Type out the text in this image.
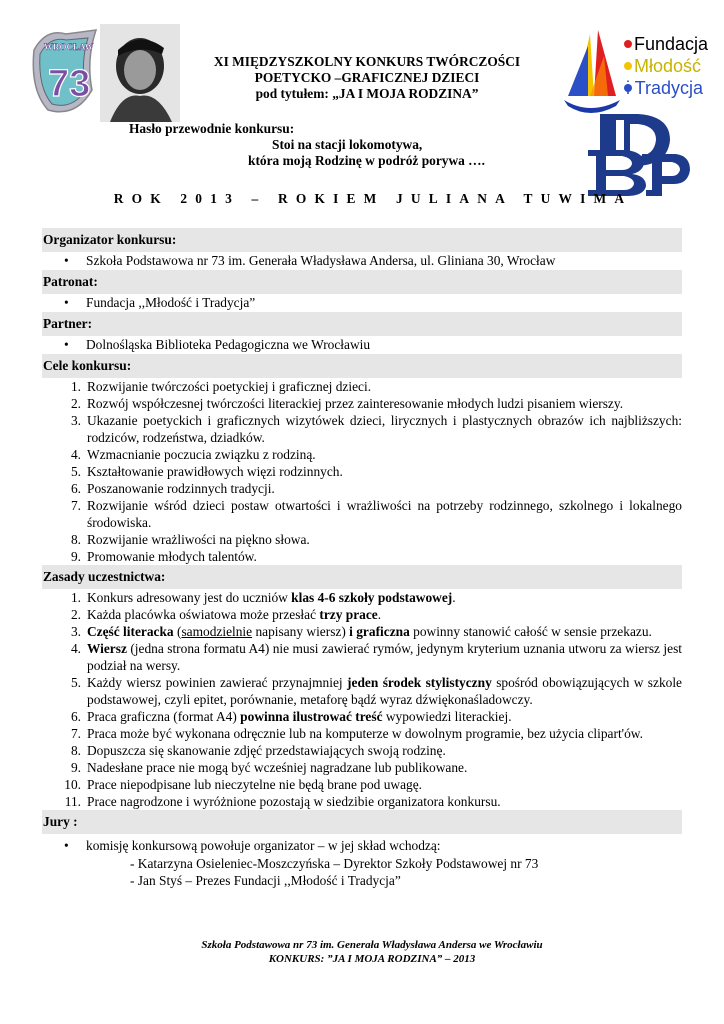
WROCŁAW
73
Fundacja
Młodość
i Tradycja
XI MIĘDZYSZKOLNY KONKURS TWÓRCZOŚCI
POETYCKO –GRAFICZNEJ DZIECI
pod tytułem: „JA I MOJA RODZINA”
Hasło przewodnie konkursu:
Stoi na stacji lokomotywa,
która moją Rodzinę w podróż porywa ….
ROK 2013 – ROKIEM JULIANA TUWIMA
Organizator konkursu:
• Szkoła Podstawowa nr 73 im. Generała Władysława Andersa, ul. Gliniana 30, Wrocław
Patronat:
• Fundacja ,,Młodość i Tradycja”
Partner:
• Dolnośląska Biblioteka Pedagogiczna we Wrocławiu
Cele konkursu:
1. Rozwijanie twórczości poetyckiej i graficznej dzieci.
2. Rozwój współczesnej twórczości literackiej przez zainteresowanie młodych ludzi pisaniem wierszy.
3. Ukazanie poetyckich i graficznych wizytówek dzieci, lirycznych i plastycznych obrazów ich najbliższych: rodziców, rodzeństwa, dziadków.
4. Wzmacnianie poczucia związku z rodziną.
5. Kształtowanie prawidłowych więzi rodzinnych.
6. Poszanowanie rodzinnych tradycji.
7. Rozwijanie wśród dzieci postaw otwartości i wrażliwości na potrzeby rodzinnego, szkolnego i lokalnego środowiska.
8. Rozwijanie wrażliwości na piękno słowa.
9. Promowanie młodych talentów.
Zasady uczestnictwa:
1. Konkurs adresowany jest do uczniów klas 4-6 szkoły podstawowej.
2. Każda placówka oświatowa może przesłać trzy prace.
3. Część literacka (samodzielnie napisany wiersz) i graficzna powinny stanowić całość w sensie przekazu.
4. Wiersz (jedna strona formatu A4) nie musi zawierać rymów, jedynym kryterium uznania utworu za wiersz jest podział na wersy.
5. Każdy wiersz powinien zawierać przynajmniej jeden środek stylistyczny spośród obowiązujących w szkole podstawowej, czyli epitet, porównanie, metaforę bądź wyraz dźwiękonaśladowczy.
6. Praca graficzna (format A4) powinna ilustrować treść wypowiedzi literackiej.
7. Praca może być wykonana odręcznie lub na komputerze w dowolnym programie, bez użycia clipart'ów.
8. Dopuszcza się skanowanie zdjęć przedstawiających swoją rodzinę.
9. Nadesłane prace nie mogą być wcześniej nagradzane lub publikowane.
10. Prace niepodpisane lub nieczytelne nie będą brane pod uwagę.
11. Prace nagrodzone i wyróżnione pozostają w siedzibie organizatora konkursu.
Jury :
• komisję konkursową powołuje organizator – w jej skład wchodzą:
- Katarzyna Osieleniec-Moszczyńska – Dyrektor Szkoły Podstawowej nr 73
- Jan Styś – Prezes Fundacji ,,Młodość i Tradycja”
Szkoła Podstawowa nr 73 im. Generała Władysława Andersa we Wrocławiu
KONKURS: ”JA I MOJA RODZINA” – 2013
